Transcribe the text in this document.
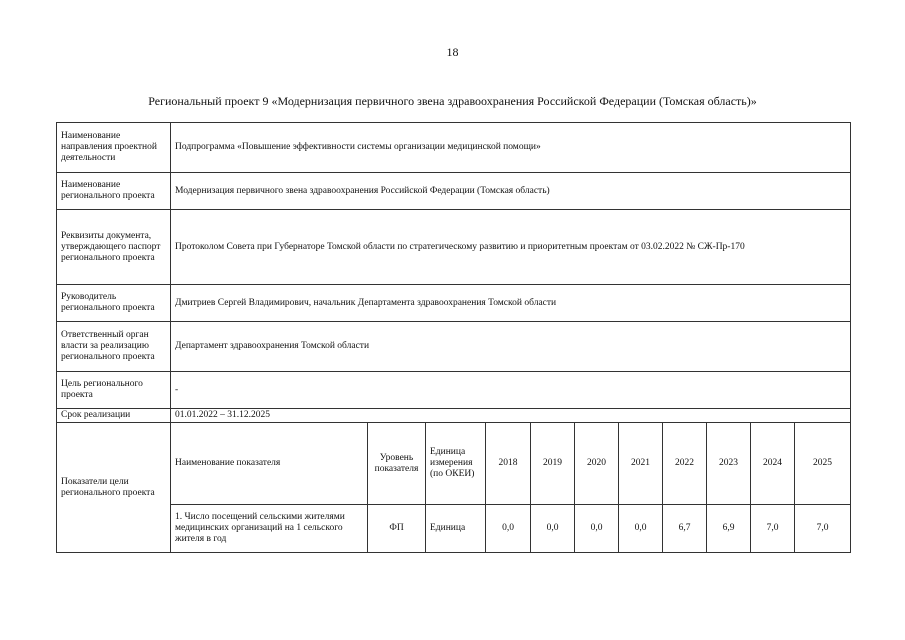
18
Региональный проект 9 «Модернизация первичного звена здравоохранения Российской Федерации (Томская область)»
Наименование направления проектной деятельности	Подпрограмма «Повышение эффективности системы организации медицинской помощи»										
Наименование регионального проекта	Модернизация первичного звена здравоохранения Российской Федерации (Томская область)										
Реквизиты документа, утверждающего паспорт регионального проекта	Протоколом Совета при Губернаторе Томской области по стратегическому развитию и приоритетным проектам от 03.02.2022 № СЖ-Пр-170										
Руководитель регионального проекта	Дмитриев Сергей Владимирович, начальник Департамента здравоохранения Томской области										
Ответственный орган власти за реализацию регионального проекта	Департамент здравоохранения Томской области										
Цель регионального проекта	-										
Срок реализации	01.01.2022 – 31.12.2025										
Показатели цели регионального проекта	Наименование показателя	Уровень показателя	Единица измерения (по ОКЕИ)	2018	2019	2020	2021	2022	2023	2024	2025
	1. Число посещений сельскими жителями медицинских организаций на 1 сельского жителя в год	ФП	Единица	0,0	0,0	0,0	0,0	6,7	6,9	7,0	7,0
